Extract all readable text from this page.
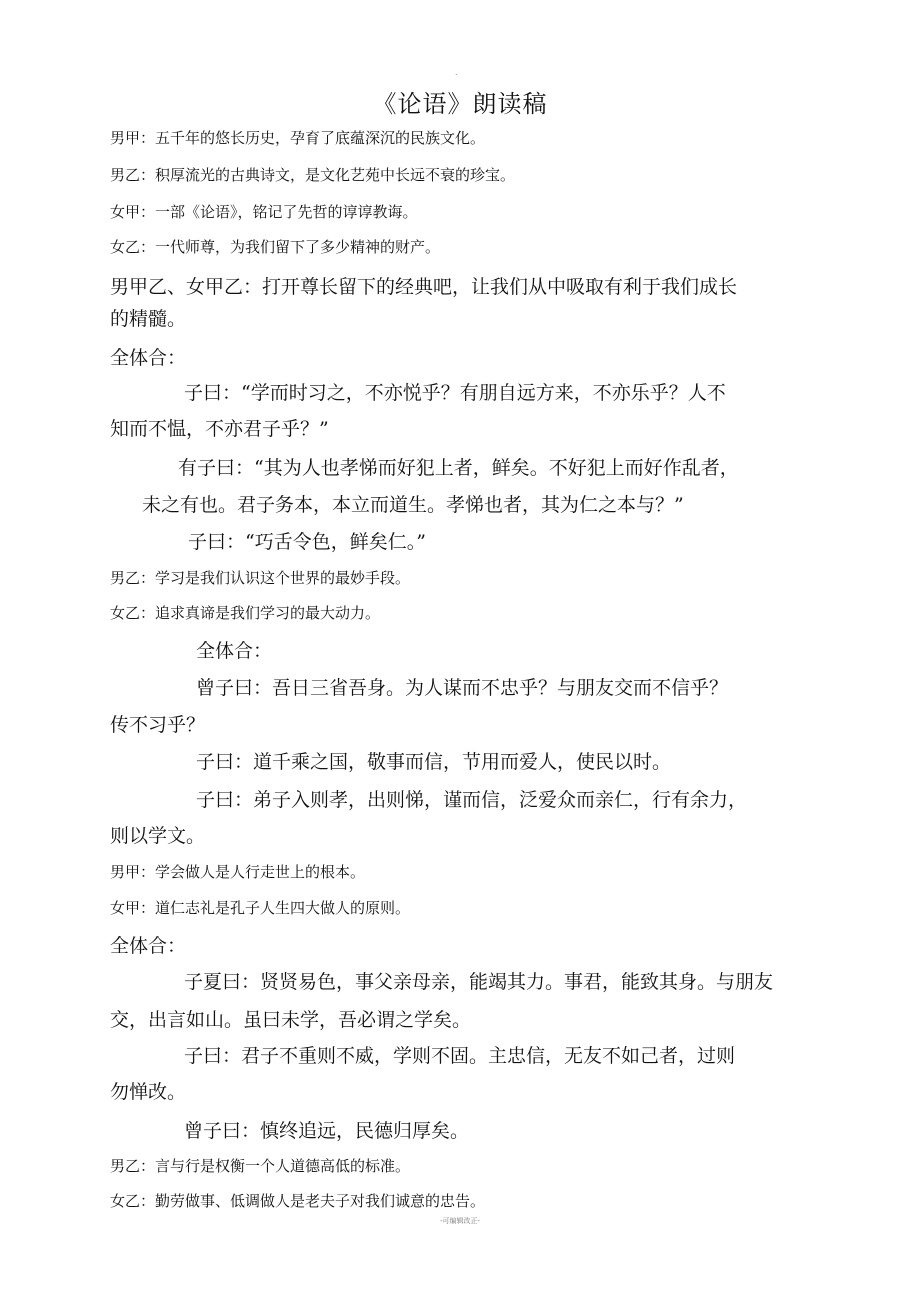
.
《论语》朗读稿
男甲：五千年的悠长历史，孕育了底蕴深沉的民族文化。
男乙：积厚流光的古典诗文，是文化艺苑中长远不衰的珍宝。
女甲：一部《论语》，铭记了先哲的谆谆教诲。
女乙：一代师尊，为我们留下了多少精神的财产。
男甲乙、女甲乙：打开尊长留下的经典吧，让我们从中吸取有利于我们成长
的精髓。
全体合：
子曰：“学而时习之，不亦悦乎？有朋自远方来，不亦乐乎？人不
知而不愠，不亦君子乎？”
有子曰：“其为人也孝悌而好犯上者，鲜矣。不好犯上而好作乱者，
未之有也。君子务本，本立而道生。孝悌也者，其为仁之本与？”
子曰：“巧舌令色，鲜矣仁。”
男乙：学习是我们认识这个世界的最妙手段。
女乙：追求真谛是我们学习的最大动力。
全体合：
曾子曰：吾日三省吾身。为人谋而不忠乎？与朋友交而不信乎？
传不习乎？
子曰：道千乘之国，敬事而信，节用而爱人，使民以时。
子曰：弟子入则孝，出则悌，谨而信，泛爱众而亲仁，行有余力，
则以学文。
男甲：学会做人是人行走世上的根本。
女甲：道仁志礼是孔子人生四大做人的原则。
全体合：
子夏曰：贤贤易色，事父亲母亲，能竭其力。事君，能致其身。与朋友
交，出言如山。虽曰未学，吾必谓之学矣。
子曰：君子不重则不威，学则不固。主忠信，无友不如己者，过则
勿惮改。
曾子曰：慎终追远，民德归厚矣。
男乙：言与行是权衡一个人道德高低的标准。
女乙：勤劳做事、低调做人是老夫子对我们诚意的忠告。
-可编辑改正-
